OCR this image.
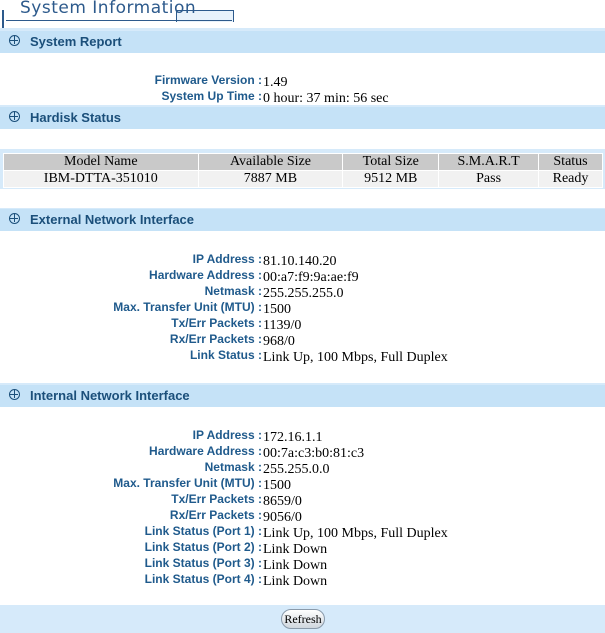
System Information
System Report
Firmware Version : 1.49
System Up Time : 0 hour: 37 min: 56 sec
Hardisk Status
Model Name	Available Size	Total Size	S.M.A.R.T	Status
IBM-DTTA-351010	7887 MB	9512 MB	Pass	Ready
External Network Interface
IP Address : 81.10.140.20
Hardware Address : 00:a7:f9:9a:ae:f9
Netmask : 255.255.255.0
Max. Transfer Unit (MTU) : 1500
Tx/Err Packets : 1139/0
Rx/Err Packets : 968/0
Link Status : Link Up, 100 Mbps, Full Duplex
Internal Network Interface
IP Address : 172.16.1.1
Hardware Address : 00:7a:c3:b0:81:c3
Netmask : 255.255.0.0
Max. Transfer Unit (MTU) : 1500
Tx/Err Packets : 8659/0
Rx/Err Packets : 9056/0
Link Status (Port 1) : Link Up, 100 Mbps, Full Duplex
Link Status (Port 2) : Link Down
Link Status (Port 3) : Link Down
Link Status (Port 4) : Link Down
Refresh
